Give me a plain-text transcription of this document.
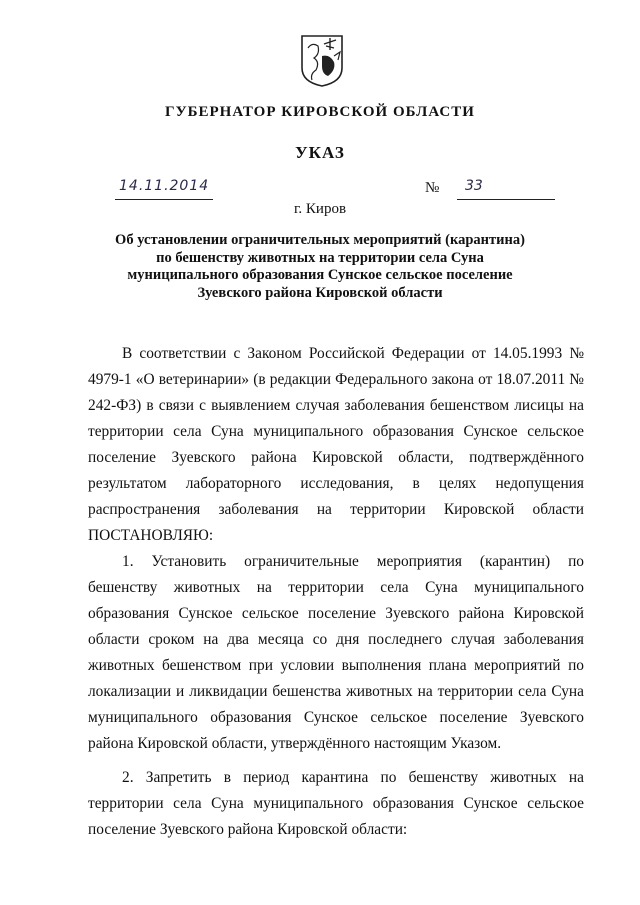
ГУБЕРНАТОР КИРОВСКОЙ ОБЛАСТИ
УКАЗ
14.11.2014	№ 33
г. Киров
Об установлении ограничительных мероприятий (карантина)
по бешенству животных на территории села Суна
муниципального образования Сунское сельское поселение
Зуевского района Кировской области

В соответствии с Законом Российской Федерации от 14.05.1993 № 4979-1 «О ветеринарии» (в редакции Федерального закона от 18.07.2011 № 242-ФЗ) в связи с выявлением случая заболевания бешенством лисицы на территории села Суна муниципального образования Сунское сельское поселение Зуевского района Кировской области, подтверждённого результатом лабораторного исследования, в целях недопущения распространения заболевания на территории Кировской области ПОСТАНОВЛЯЮ:

1. Установить ограничительные мероприятия (карантин) по бешенству животных на территории села Суна муниципального образования Сунское сельское поселение Зуевского района Кировской области сроком на два месяца со дня последнего случая заболевания животных бешенством при условии выполнения плана мероприятий по локализации и ликвидации бешенства животных на территории села Суна муниципального образования Сунское сельское поселение Зуевского района Кировской области, утверждённого настоящим Указом.

2. Запретить в период карантина по бешенству животных на территории села Суна муниципального образования Сунское сельское поселение Зуевского района Кировской области:
